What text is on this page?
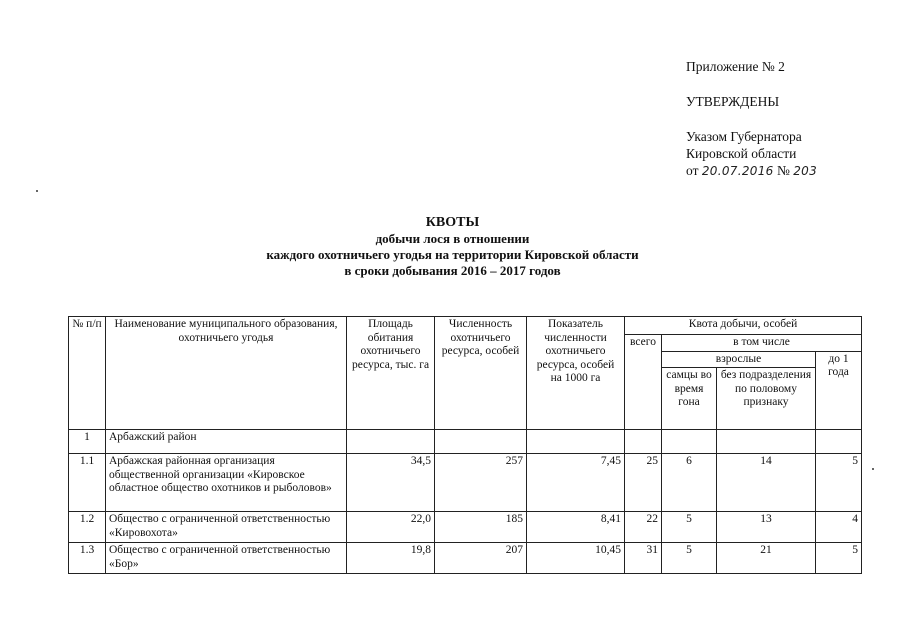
Приложение № 2
УТВЕРЖДЕНЫ
Указом Губернатора
Кировской области
от 20.07.2016 № 203
КВОТЫ
добычи лося в отношении
каждого охотничьего угодья на территории Кировской области
в сроки добывания 2016 – 2017 годов
№ п/п	Наименование муниципального образования, охотничьего угодья	Площадь обитания охотничьего ресурса, тыс. га	Численность охотничьего ресурса, особей	Показатель численности охотничьего ресурса, особей на 1000 га	Квота добычи, особей			
					всего	в том числе		
						взрослые		до 1 года
						самцы во время гона	без подразделения по половому признаку	
1	Арбажский район							
1.1	Арбажская районная организация общественной организации «Кировское областное общество охотников и рыболовов»	34,5	257	7,45	25	6	14	5
1.2	Общество с ограниченной ответственностью «Кировохота»	22,0	185	8,41	22	5	13	4
1.3	Общество с ограниченной ответственностью «Бор»	19,8	207	10,45	31	5	21	5
